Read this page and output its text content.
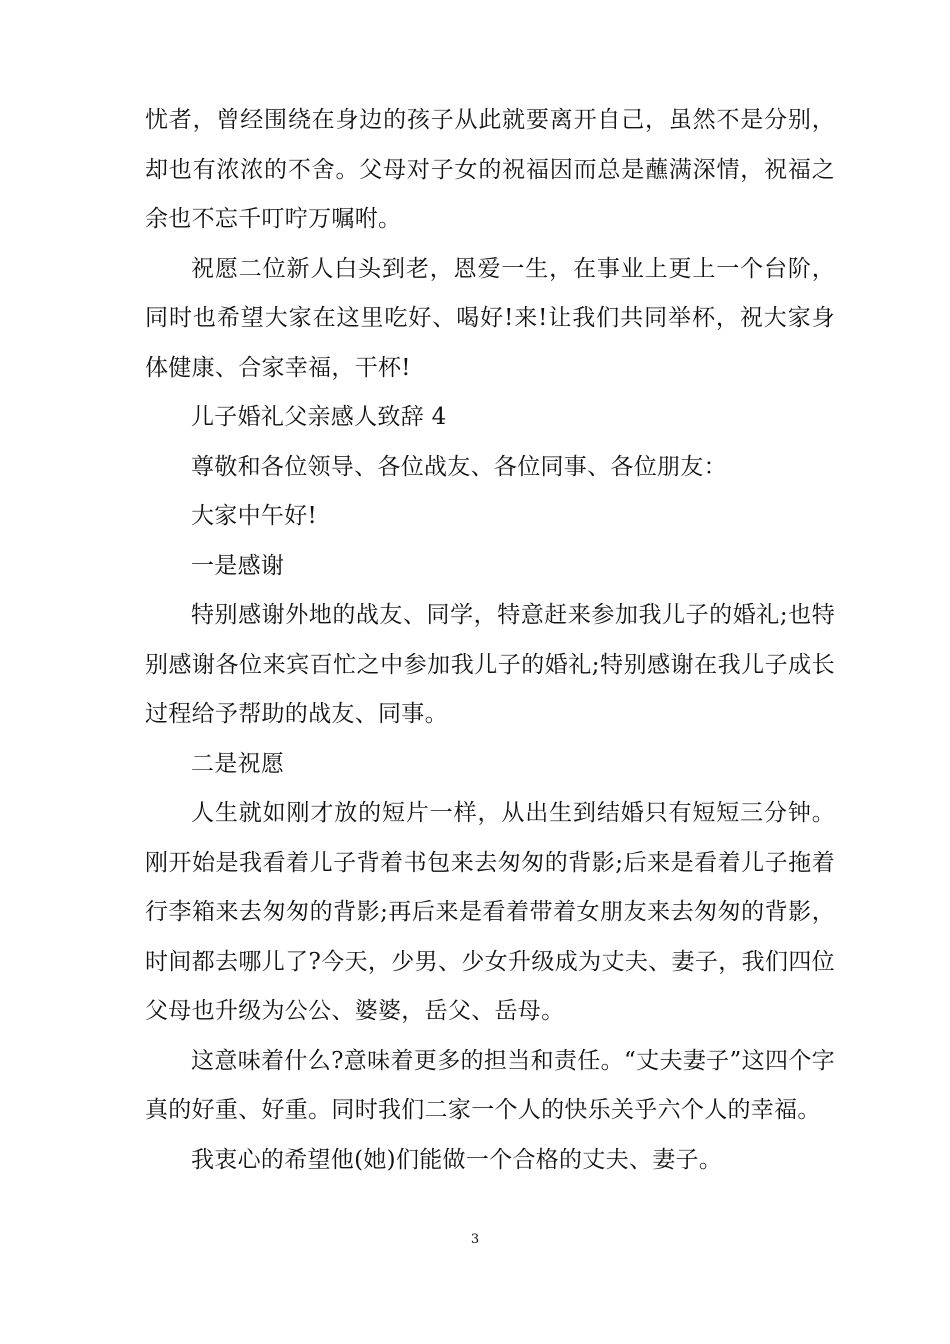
忧者，曾经围绕在身边的孩子从此就要离开自己，虽然不是分别，却也有浓浓的不舍。父母对子女的祝福因而总是蘸满深情，祝福之余也不忘千叮咛万嘱咐。

祝愿二位新人白头到老，恩爱一生，在事业上更上一个台阶，同时也希望大家在这里吃好、喝好!来!让我们共同举杯，祝大家身体健康、合家幸福，干杯!

儿子婚礼父亲感人致辞 4

尊敬和各位领导、各位战友、各位同事、各位朋友：

大家中午好!

一是感谢

特别感谢外地的战友、同学，特意赶来参加我儿子的婚礼;也特别感谢各位来宾百忙之中参加我儿子的婚礼;特别感谢在我儿子成长过程给予帮助的战友、同事。

二是祝愿

人生就如刚才放的短片一样，从出生到结婚只有短短三分钟。刚开始是我看着儿子背着书包来去匆匆的背影;后来是看着儿子拖着行李箱来去匆匆的背影;再后来是看着带着女朋友来去匆匆的背影，时间都去哪儿了?今天，少男、少女升级成为丈夫、妻子，我们四位父母也升级为公公、婆婆，岳父、岳母。

这意味着什么?意味着更多的担当和责任。“丈夫妻子”这四个字真的好重、好重。同时我们二家一个人的快乐关乎六个人的幸福。

我衷心的希望他(她)们能做一个合格的丈夫、妻子。

3
